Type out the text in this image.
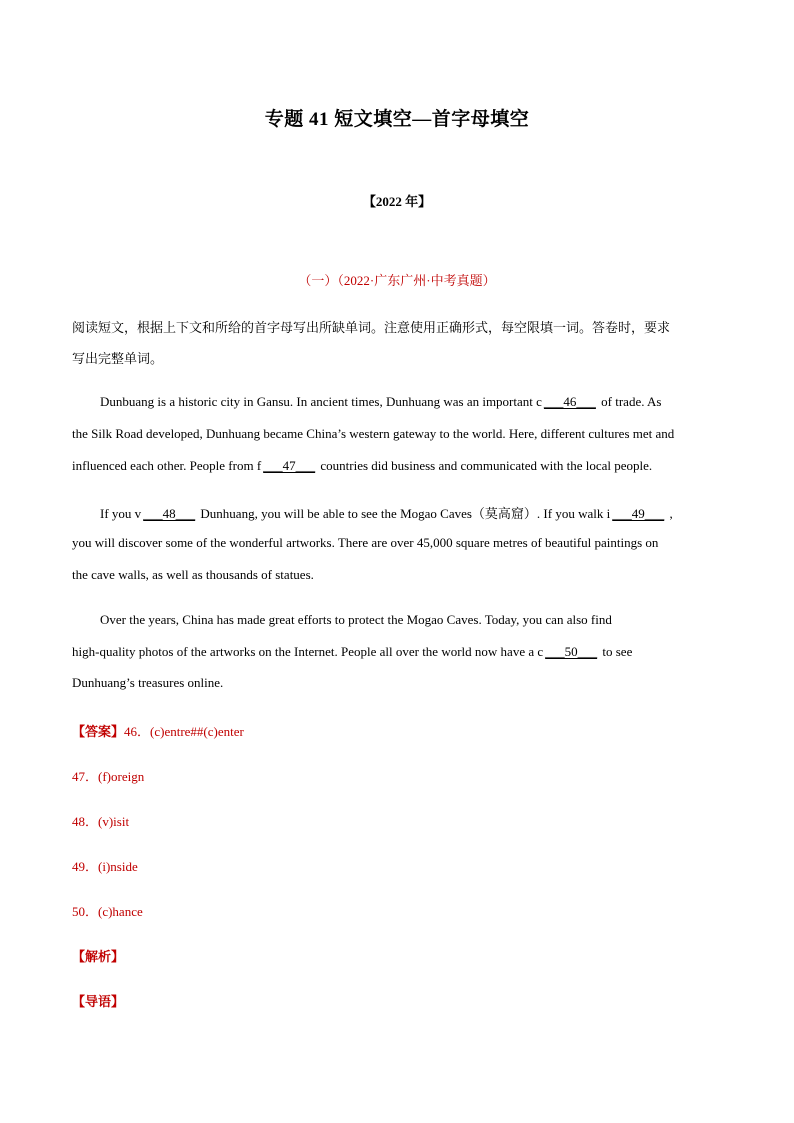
专题 41 短文填空—首字母填空
【2022 年】
（一）（2022·广东广州·中考真题）
阅读短文，根据上下文和所给的首字母写出所缺单词。注意使用正确形式，每空限填一词。答卷时，要求
写出完整单词。
Dunbuang is a historic city in Gansu. In ancient times, Dunhuang was an important c ___46___ of trade. As
the Silk Road developed, Dunhuang became China’s western gateway to the world. Here, different cultures met and
influenced each other. People from f ___47___ countries did business and communicated with the local people.
If you v ___48___ Dunhuang, you will be able to see the Mogao Caves（莫高窟）. If you walk i ___49___ ,
you will discover some of the wonderful artworks. There are over 45,000 square metres of beautiful paintings on
the cave walls, as well as thousands of statues.
Over the years, China has made great efforts to protect the Mogao Caves. Today, you can also find
high-quality photos of the artworks on the Internet. People all over the world now have a c ___50___ to see
Dunhuang’s treasures online.
【答案】46．(c)entre##(c)enter
47．(f)oreign
48．(v)isit
49．(i)nside
50．(c)hance
【解析】
【导语】
